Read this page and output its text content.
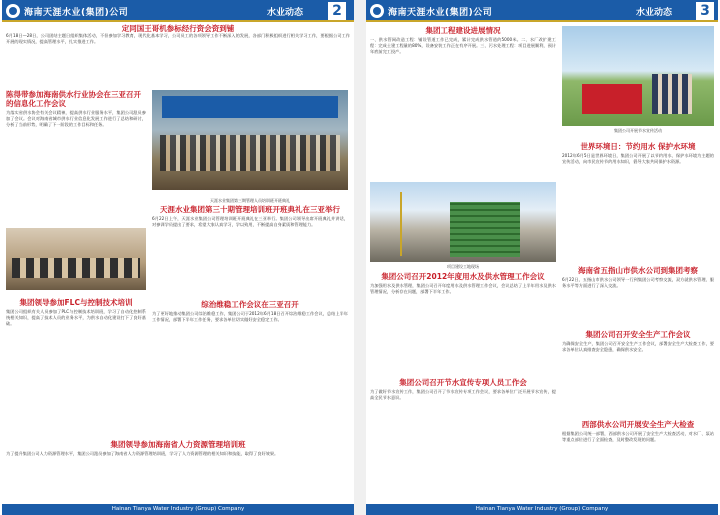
海南天涯水业(集团)公司	水业动态 2
定同国王哥机参标经行资会资到铺
6月18日—28日，公司团结主题日组织集体活动，不但参加学习教育，现代化基本学习，公司员工的各项领导工作不断深入的发展，各部门积极组织进行相关学习工作，要根据公司工作开展的现实情况，提高管理水平，扎实推进工作。
陈得带参加海南供水行业协会在三亚召开的信息化工作会议
为落实省供水协会有关会议精神，提高供水行业服务水平，集团公司派员参加了会议。会议对海南省城市供水行业信息化发展工作进行了总结和研讨，分析了当前形势，明确了下一阶段的工作目标和任务。
天涯水业集团第三期管理人员培训班开班典礼
天涯水业集团第三十期管理培训班开班典礼在三亚举行
6月22日上午，天涯水业集团公司管理培训班开班典礼在三亚举行。集团公司领导出席开班典礼并讲话，对参训学员提出了要求，希望大家认真学习，学以致用，不断提高自身素质和管理能力。
综治维稳工作会议在三亚召开
为了更好地推动集团公司综治维稳工作，集团公司于2012年6月18日召开综治维稳工作会议，总结上半年工作情况，部署下半年工作任务，要求各单位切实做好安全稳定工作。
集团领导参加FLC与控制技术培训
集团公司组织有关人员参加了PLC与控制技术培训班，学习了自动化控制系统相关知识，提高了技术人员的业务水平，为供水自动化建设打下了良好基础。
集团领导参加海南省人力资源管理培训班
为了提升集团公司人力资源管理水平，集团公司派员参加了海南省人力资源管理培训班，学习了人力资源管理的相关知识和技能，取得了良好效果。
Hainan Tianya Water Industry (Group) Company
海南天涯水业(集团)公司	水业动态 3
集团工程建设进展情况
一、供水管网改造工程：铺设管道工作已完成，累计完成供水管道约5000米。二、水厂改扩建工程：完成土建工程量的80%，设备安装工作正在有序开展。三、污水处理工程：项目进展顺利，预计年底前完工投产。
集团公司开展节水宣传活动
项目建设工地现场
集团公司召开2012年度用水及供水管理工作会议
为加强用水及供水管理，集团公司召开年度用水及供水管理工作会议，会议总结了上半年用水及供水管理情况，分析存在问题，部署下半年工作。
集团公司召开节水宣传专项人员工作会
为了做好节水宣传工作，集团公司召开了节水宣传专项工作会议，要求各单位广泛开展节水宣传，提高全民节水意识。
世界环境日：节约用水 保护水环境
2012年6月5日是世界环境日，集团公司开展了以节约用水、保护水环境为主题的宣传活动，向市民宣传节约用水知识，倡导大家共同保护水资源。
海南省五指山市供水公司到集团考察
6月22日，五指山市供水公司领导一行到集团公司考察交流，双方就供水管理、服务水平等方面进行了深入交流。
集团公司召开安全生产工作会议
为确保安全生产，集团公司召开安全生产工作会议，部署安全生产大检查工作，要求各单位认真排查安全隐患，确保供水安全。
西部供水公司开展安全生产大检查
根据集团公司统一部署，西部供水公司开展了安全生产大检查活动，对水厂、泵站等重点部位进行了全面检查，及时整改发现的问题。
Hainan Tianya Water Industry (Group) Company
